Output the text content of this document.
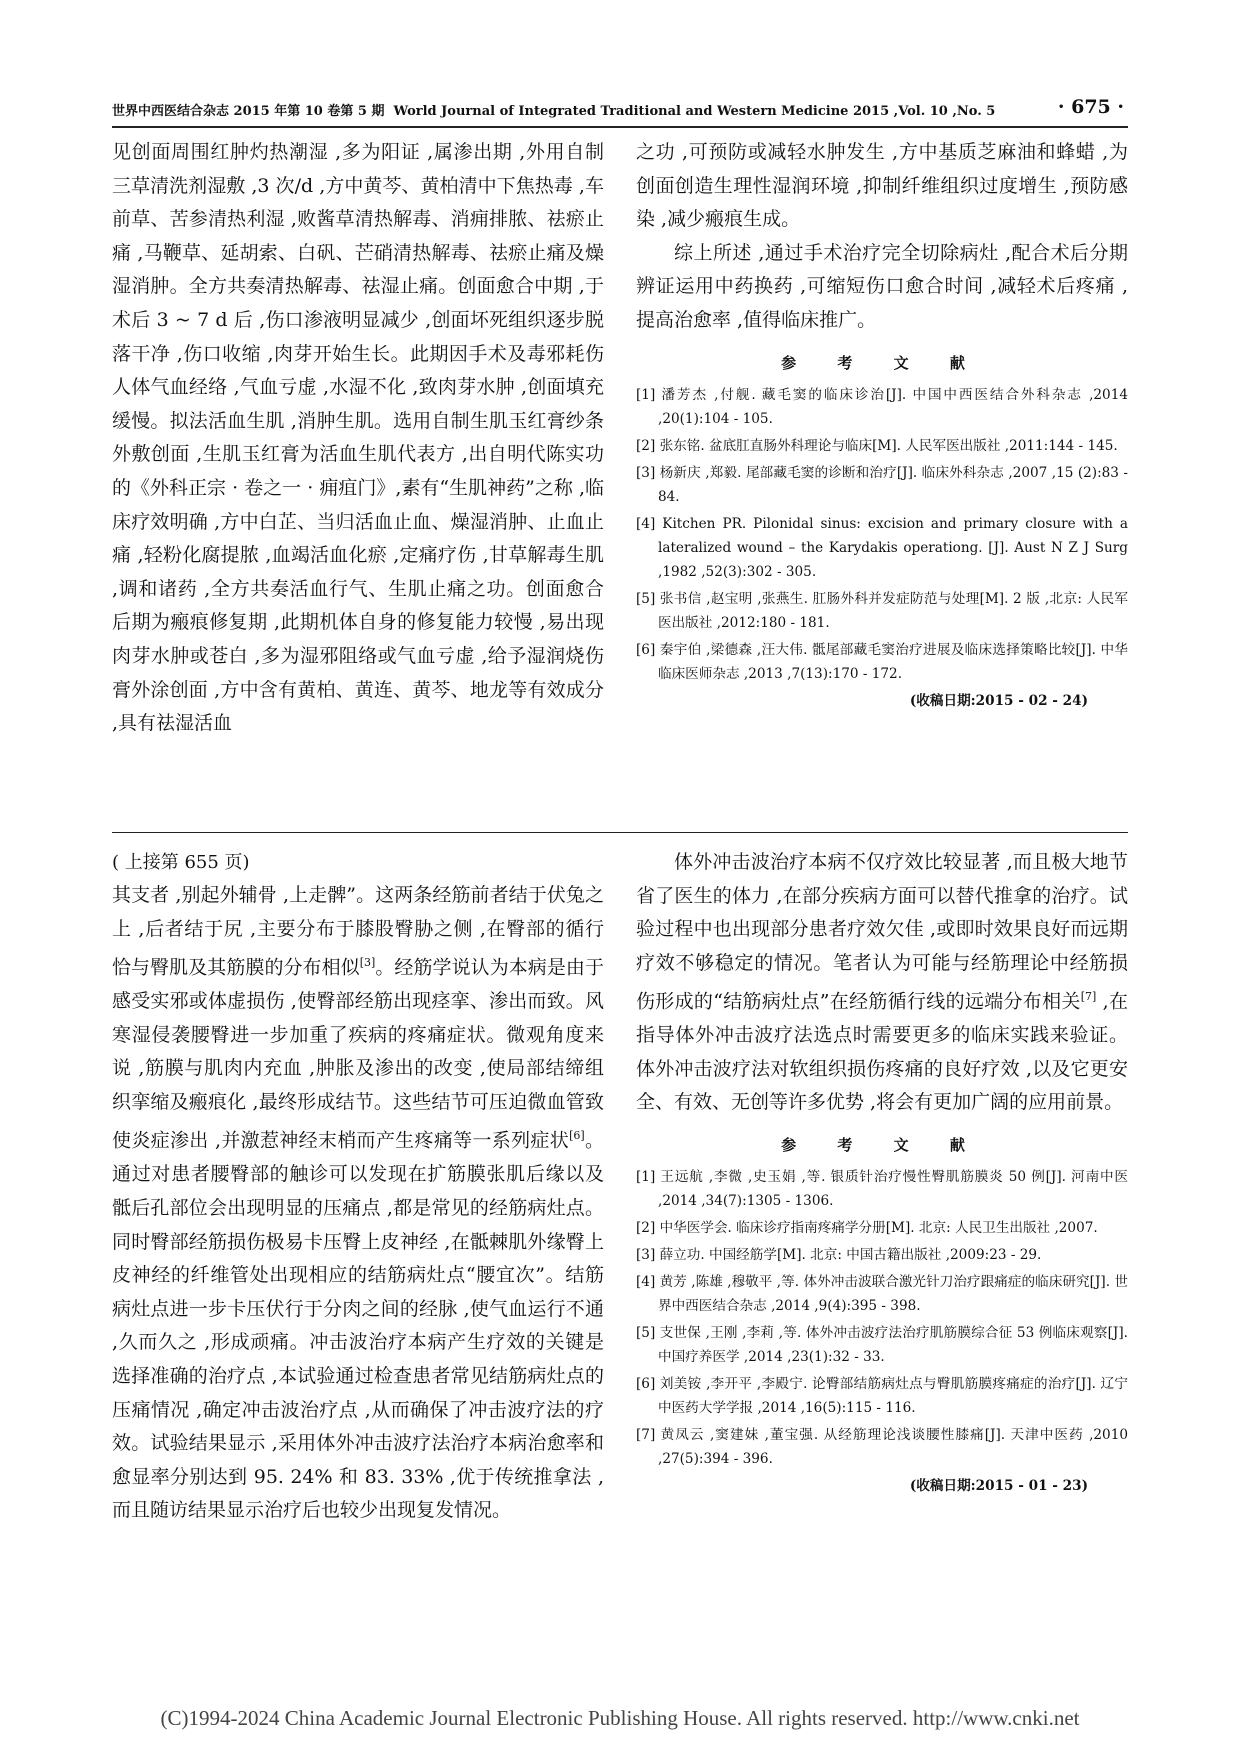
世界中西医结合杂志 2015 年第 10 卷第 5 期 World Journal of Integrated Traditional and Western Medicine 2015 ,Vol. 10 ,No. 5	· 675 ·

见创面周围红肿灼热潮湿 ,多为阳证 ,属渗出期 ,外用自制三草清洗剂湿敷 ,3 次/d ,方中黄芩、黄柏清中下焦热毒 ,车前草、苦参清热利湿 ,败酱草清热解毒、消痈排脓、祛瘀止痛 ,马鞭草、延胡索、白矾、芒硝清热解毒、祛瘀止痛及燥湿消肿。全方共奏清热解毒、祛湿止痛。创面愈合中期 ,于术后 3 ~ 7 d 后 ,伤口渗液明显减少 ,创面坏死组织逐步脱落干净 ,伤口收缩 ,肉芽开始生长。此期因手术及毒邪耗伤人体气血经络 ,气血亏虚 ,水湿不化 ,致肉芽水肿 ,创面填充缓慢。拟法活血生肌 ,消肿生肌。选用自制生肌玉红膏纱条外敷创面 ,生肌玉红膏为活血生肌代表方 ,出自明代陈实功的《外科正宗 · 卷之一 · 痈疽门》,素有“生肌神药”之称 ,临床疗效明确 ,方中白芷、当归活血止血、燥湿消肿、止血止痛 ,轻粉化腐提脓 ,血竭活血化瘀 ,定痛疗伤 ,甘草解毒生肌 ,调和诸药 ,全方共奏活血行气、生肌止痛之功。创面愈合后期为瘢痕修复期 ,此期机体自身的修复能力较慢 ,易出现肉芽水肿或苍白 ,多为湿邪阻络或气血亏虚 ,给予湿润烧伤膏外涂创面 ,方中含有黄柏、黄连、黄芩、地龙等有效成分 ,具有祛湿活血

之功 ,可预防或减轻水肿发生 ,方中基质芝麻油和蜂蜡 ,为创面创造生理性湿润环境 ,抑制纤维组织过度增生 ,预防感染 ,减少瘢痕生成。

综上所述 ,通过手术治疗完全切除病灶 ,配合术后分期辨证运用中药换药 ,可缩短伤口愈合时间 ,减轻术后疼痛 ,提高治愈率 ,值得临床推广。

参 考 文 献
[1] 潘芳杰 ,付舰. 藏毛窦的临床诊治[J]. 中国中西医结合外科杂志 ,2014 ,20(1):104 - 105.
[2] 张东铭. 盆底肛直肠外科理论与临床[M]. 人民军医出版社 ,2011:144 - 145.
[3] 杨新庆 ,郑毅. 尾部藏毛窦的诊断和治疗[J]. 临床外科杂志 ,2007 ,15 (2):83 - 84.
[4] Kitchen PR. Pilonidal sinus: excision and primary closure with a lateralized wound – the Karydakis operationg. [J]. Aust N Z J Surg ,1982 ,52(3):302 - 305.
[5] 张书信 ,赵宝明 ,张燕生. 肛肠外科并发症防范与处理[M]. 2 版 ,北京: 人民军医出版社 ,2012:180 - 181.
[6] 秦宇伯 ,梁德森 ,汪大伟. 骶尾部藏毛窦治疗进展及临床选择策略比较[J]. 中华临床医师杂志 ,2013 ,7(13):170 - 172.
(收稿日期:2015 - 02 - 24)

( 上接第 655 页)

其支者 ,别起外辅骨 ,上走髀”。这两条经筋前者结于伏兔之上 ,后者结于尻 ,主要分布于膝股臀胁之侧 ,在臀部的循行恰与臀肌及其筋膜的分布相似[3]。经筋学说认为本病是由于感受实邪或体虚损伤 ,使臀部经筋出现痉挛、渗出而致。风寒湿侵袭腰臀进一步加重了疾病的疼痛症状。微观角度来说 ,筋膜与肌肉内充血 ,肿胀及渗出的改变 ,使局部结缔组织挛缩及瘢痕化 ,最终形成结节。这些结节可压迫微血管致使炎症渗出 ,并激惹神经末梢而产生疼痛等一系列症状[6]。通过对患者腰臀部的触诊可以发现在扩筋膜张肌后缘以及骶后孔部位会出现明显的压痛点 ,都是常见的经筋病灶点。同时臀部经筋损伤极易卡压臀上皮神经 ,在骶棘肌外缘臀上皮神经的纤维管处出现相应的结筋病灶点“腰宜次”。结筋病灶点进一步卡压伏行于分肉之间的经脉 ,使气血运行不通 ,久而久之 ,形成顽痛。冲击波治疗本病产生疗效的关键是选择准确的治疗点 ,本试验通过检查患者常见结筋病灶点的压痛情况 ,确定冲击波治疗点 ,从而确保了冲击波疗法的疗效。试验结果显示 ,采用体外冲击波疗法治疗本病治愈率和愈显率分别达到 95. 24% 和 83. 33% ,优于传统推拿法 ,而且随访结果显示治疗后也较少出现复发情况。

体外冲击波治疗本病不仅疗效比较显著 ,而且极大地节省了医生的体力 ,在部分疾病方面可以替代推拿的治疗。试验过程中也出现部分患者疗效欠佳 ,或即时效果良好而远期疗效不够稳定的情况。笔者认为可能与经筋理论中经筋损伤形成的“结筋病灶点”在经筋循行线的远端分布相关[7] ,在指导体外冲击波疗法选点时需要更多的临床实践来验证。体外冲击波疗法对软组织损伤疼痛的良好疗效 ,以及它更安全、有效、无创等许多优势 ,将会有更加广阔的应用前景。

参 考 文 献
[1] 王远航 ,李微 ,史玉娟 ,等. 银质针治疗慢性臀肌筋膜炎 50 例[J]. 河南中医 ,2014 ,34(7):1305 - 1306.
[2] 中华医学会. 临床诊疗指南疼痛学分册[M]. 北京: 人民卫生出版社 ,2007.
[3] 薛立功. 中国经筋学[M]. 北京: 中国古籍出版社 ,2009:23 - 29.
[4] 黄芳 ,陈雄 ,穆敬平 ,等. 体外冲击波联合激光针刀治疗跟痛症的临床研究[J]. 世界中西医结合杂志 ,2014 ,9(4):395 - 398.
[5] 支世保 ,王刚 ,李莉 ,等. 体外冲击波疗法治疗肌筋膜综合征 53 例临床观察[J]. 中国疗养医学 ,2014 ,23(1):32 - 33.
[6] 刘美铵 ,李开平 ,李殿宁. 论臀部结筋病灶点与臀肌筋膜疼痛症的治疗[J]. 辽宁中医药大学学报 ,2014 ,16(5):115 - 116.
[7] 黄凤云 ,窦建妹 ,董宝强. 从经筋理论浅谈腰性膝痛[J]. 天津中医药 ,2010 ,27(5):394 - 396.
(收稿日期:2015 - 01 - 23)
(C)1994-2024 China Academic Journal Electronic Publishing House. All rights reserved. http://www.cnki.net
